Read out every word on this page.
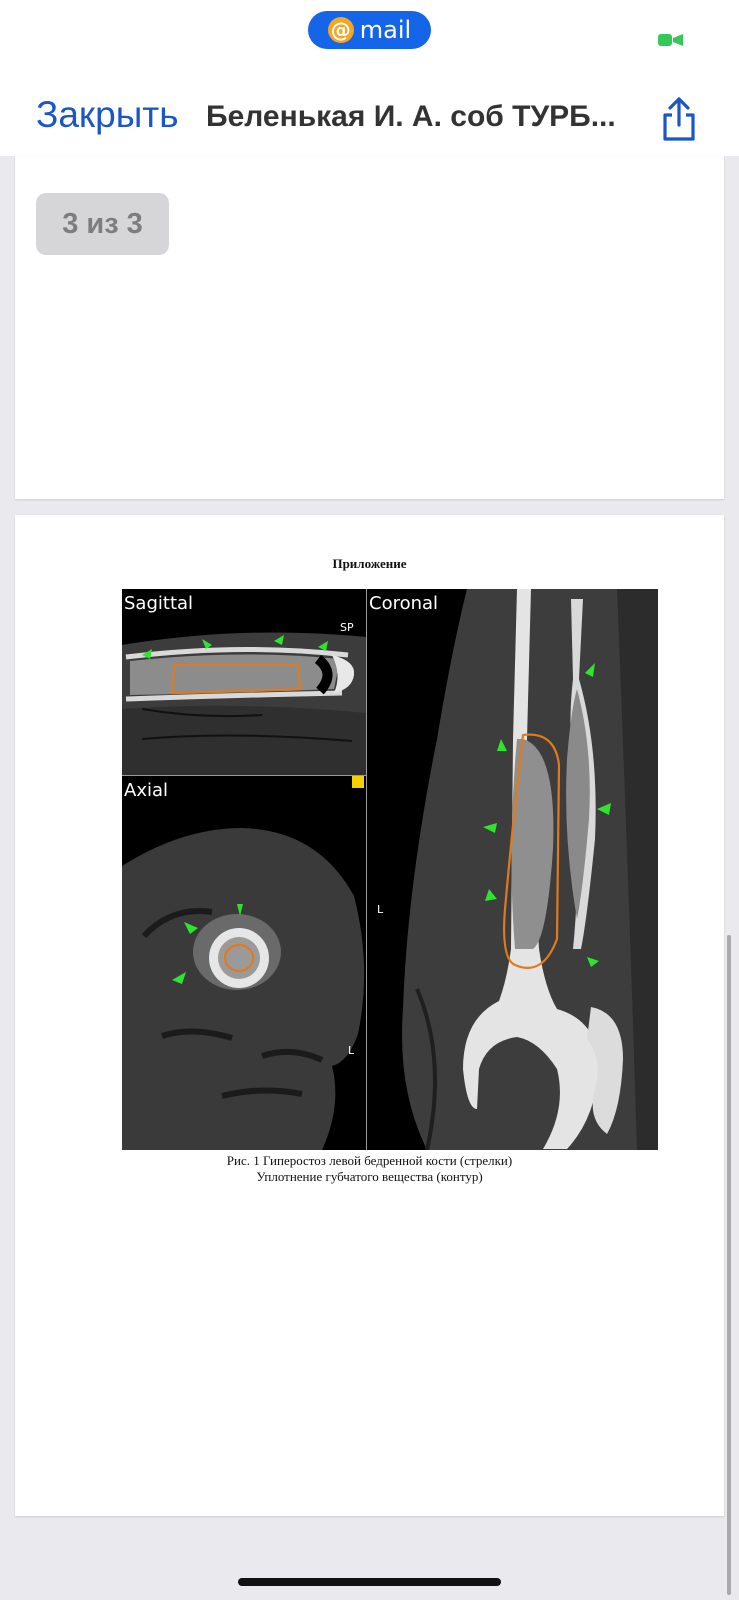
@ mail
Закрыть Беленькая И. А. соб ТУРБ...
3 из 3
Приложение
Sagittal
SP
Axial
L
Coronal
L
Рис. 1 Гиперостоз левой бедренной кости (стрелки)
Уплотнение губчатого вещества (контур)
